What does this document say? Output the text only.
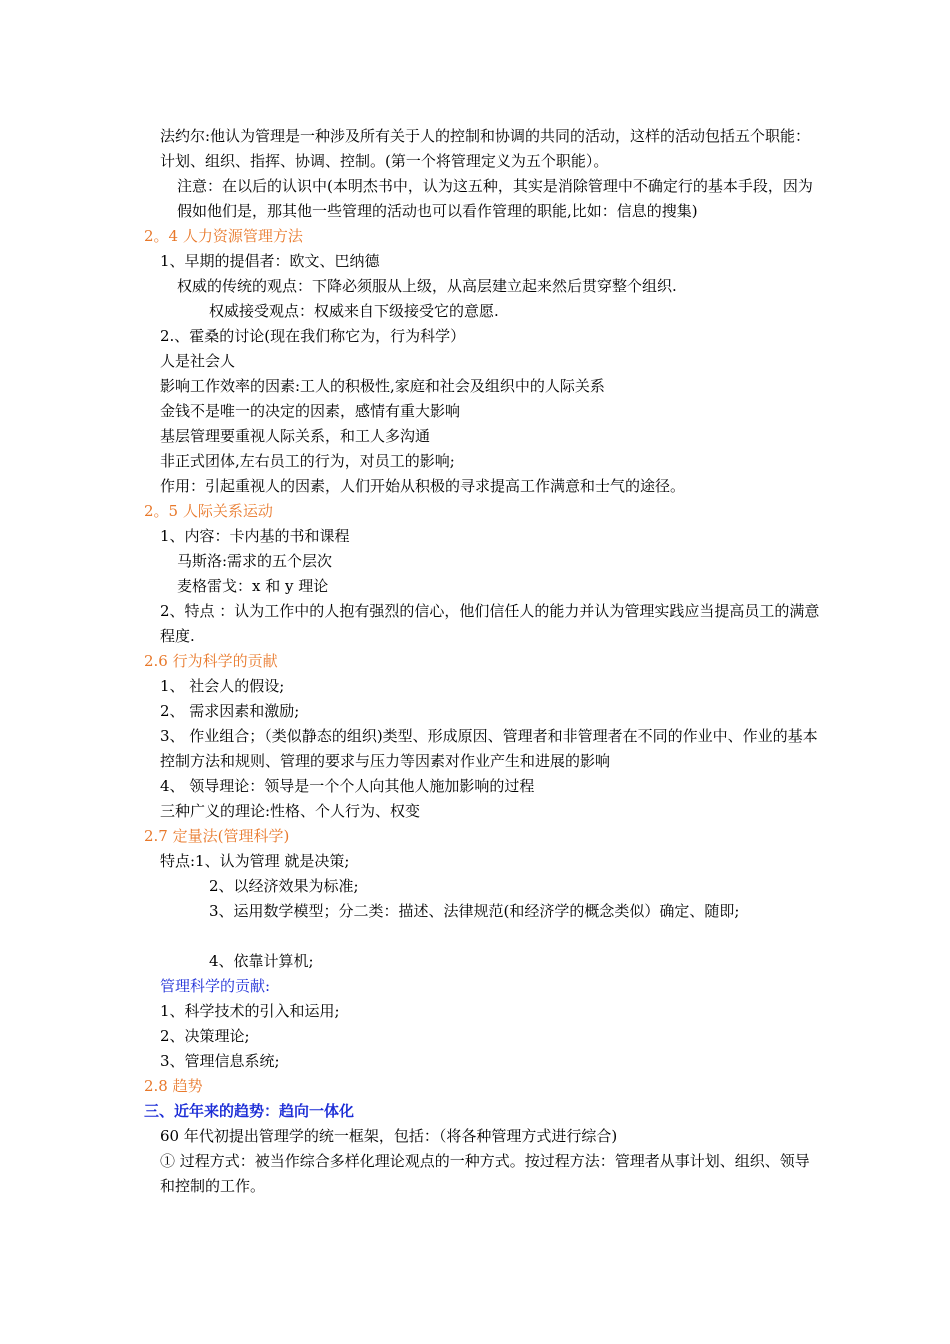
法约尔:他认为管理是一种涉及所有关于人的控制和协调的共同的活动，这样的活动包括五个职能：计划、组织、指挥、协调、控制。(第一个将管理定义为五个职能）。
注意：在以后的认识中(本明杰书中，认为这五种，其实是消除管理中不确定行的基本手段，因为假如他们是，那其他一些管理的活动也可以看作管理的职能,比如：信息的搜集)
2。4 人力资源管理方法
1、早期的提倡者：欧文、巴纳德
权威的传统的观点：下降必须服从上级，从高层建立起来然后贯穿整个组织.
权威接受观点：权威来自下级接受它的意愿.
2.、霍桑的讨论(现在我们称它为，行为科学）
人是社会人
影响工作效率的因素:工人的积极性,家庭和社会及组织中的人际关系
金钱不是唯一的决定的因素，感情有重大影响
基层管理要重视人际关系，和工人多沟通
非正式团体,左右员工的行为，对员工的影响;
作用：引起重视人的因素，人们开始从积极的寻求提高工作满意和士气的途径。
2。5 人际关系运动
1、内容：卡内基的书和课程
马斯洛:需求的五个层次
麦格雷戈：x 和 y 理论
2、特点 ：认为工作中的人抱有强烈的信心，他们信任人的能力并认为管理实践应当提高员工的满意程度.
2.6 行为科学的贡献
1、 社会人的假设;
2、 需求因素和激励;
3、 作业组合；（类似静态的组织)类型、形成原因、管理者和非管理者在不同的作业中、作业的基本控制方法和规则、管理的要求与压力等因素对作业产生和进展的影响
4、 领导理论：领导是一个个人向其他人施加影响的过程
三种广义的理论:性格、个人行为、权变
2.7 定量法(管理科学)
特点:1、认为管理 就是决策;
2、以经济效果为标准;
3、运用数学模型；分二类：描述、法律规范(和经济学的概念类似）确定、随即;
4、依靠计算机;
管理科学的贡献:
1、科学技术的引入和运用;
2、决策理论;
3、管理信息系统;
2.8 趋势
三、近年来的趋势：趋向一体化
60 年代初提出管理学的统一框架，包括：（将各种管理方式进行综合)
① 过程方式：被当作综合多样化理论观点的一种方式。按过程方法：管理者从事计划、组织、领导和控制的工作。
